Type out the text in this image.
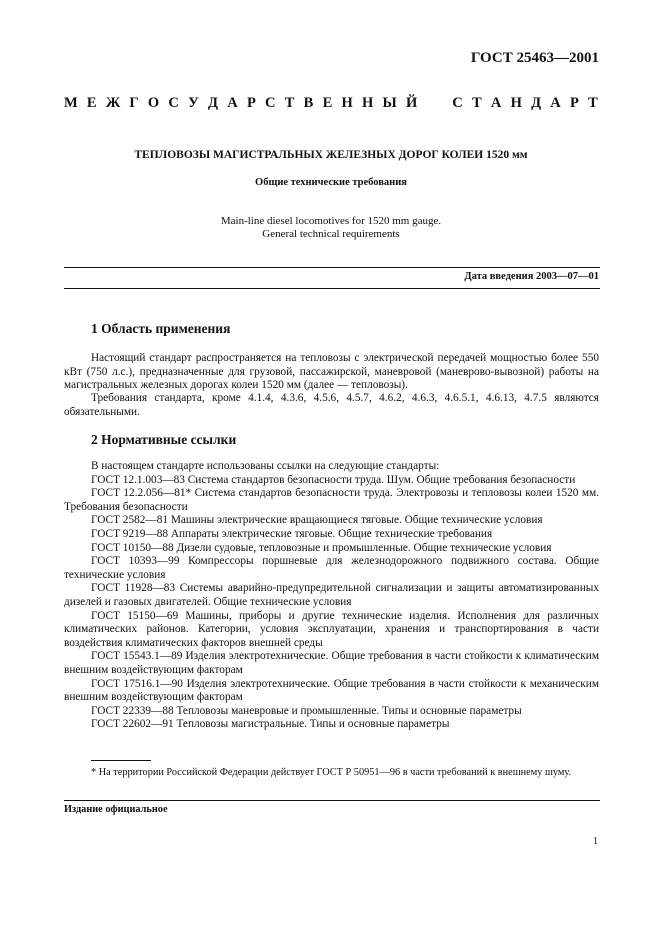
ГОСТ 25463—2001
М Е Ж Г О С У Д А Р С Т В Е Н Н Ы Й

С Т А Н Д А Р Т
ТЕПЛОВОЗЫ МАГИСТРАЛЬНЫХ ЖЕЛЕЗНЫХ ДОРОГ КОЛЕИ 1520 мм
Общие технические требования
Main-line diesel locomotives for 1520 mm gauge.
General technical requirements
Дата введения 2003—07—01
1 Область применения
Настоящий стандарт распространяется на тепловозы с электрической передачей мощностью более 550 кВт (750 л.с.), предназначенные для грузовой, пассажирской, маневровой (маневрово-вывозной) работы на магистральных железных дорогах колеи 1520 мм (далее — тепловозы).
Требования стандарта, кроме 4.1.4, 4.3.6, 4.5.6, 4.5.7, 4.6.2, 4.6.3, 4.6.5.1, 4.6.13, 4.7.5 являются обязательными.
2 Нормативные ссылки

В настоящем стандарте использованы ссылки на следующие стандарты:

ГОСТ 12.1.003—83 Система стандартов безопасности труда. Шум. Общие требования безопасности

ГОСТ 12.2.056—81* Система стандартов безопасности труда. Электровозы и тепловозы колеи 1520 мм. Требования безопасности

ГОСТ 2582—81 Машины электрические вращающиеся тяговые. Общие технические условия

ГОСТ 9219—88 Аппараты электрические тяговые. Общие технические требования

ГОСТ 10150—88 Дизели судовые, тепловозные и промышленные. Общие технические условия

ГОСТ 10393—99 Компрессоры поршневые для железнодорожного подвижного состава. Общие технические условия

ГОСТ 11928—83 Системы аварийно-предупредительной сигнализации и защиты автоматизированных дизелей и газовых двигателей. Общие технические условия

ГОСТ 15150—69 Машины, приборы и другие технические изделия. Исполнения для различных климатических районов. Категории, условия эксплуатации, хранения и транспортирования в части воздействия климатических факторов внешней среды

ГОСТ 15543.1—89 Изделия электротехнические. Общие требования в части стойкости к климатическим внешним воздействующим факторам

ГОСТ 17516.1—90 Изделия электротехнические. Общие требования в части стойкости к механическим внешним воздействующим факторам

ГОСТ 22339—88 Тепловозы маневровые и промышленные. Типы и основные параметры

ГОСТ 22602—91 Тепловозы магистральные. Типы и основные параметры

* На территории Российской Федерации действует ГОСТ Р 50951—96 в части требований к внешнему шуму.
Издание официальное
1
